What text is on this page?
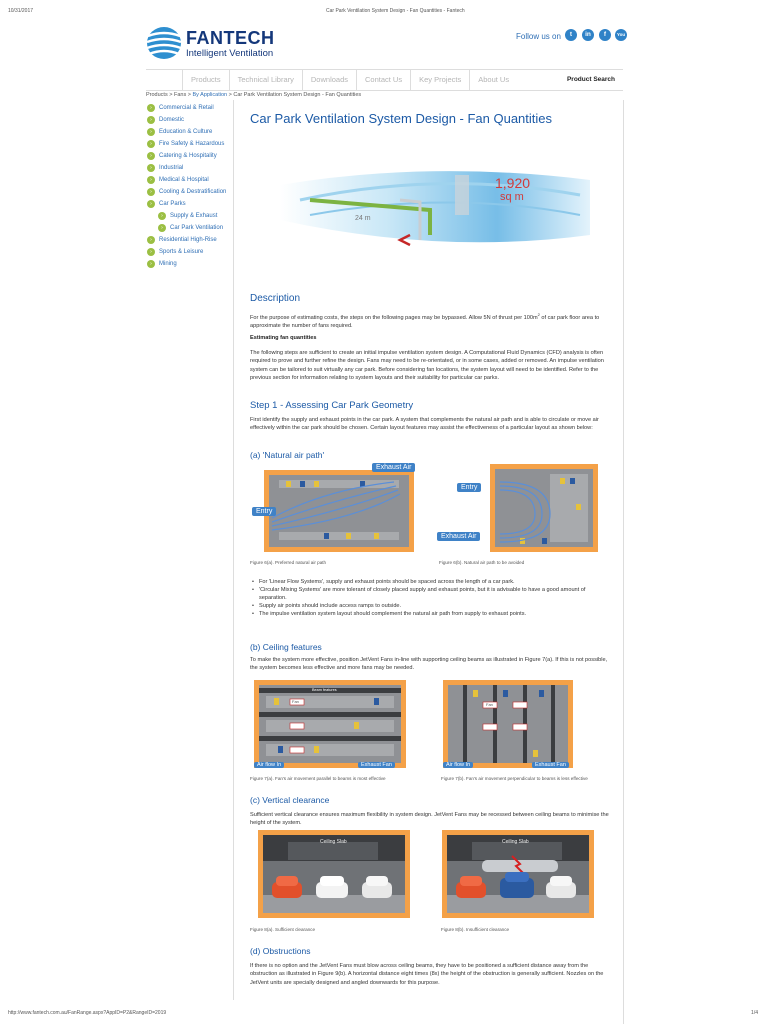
10/31/2017	Car Park Ventilation System Design - Fan Quantities - Fantech
FANTECH
Intelligent Ventilation
Follow us on	t	in	f	You
Products	Technical Library	Downloads	Contact Us	Key Projects	About Us	Product Search
Products > Fans > By Application > Car Park Ventilation System Design - Fan Quantities
›	Commercial & Retail
›	Domestic
›	Education & Culture
›	Fire Safety & Hazardous
›	Catering & Hospitality
›	Industrial
›	Medical & Hospital
›	Cooling & Destratification
›	Car Parks
›	Supply & Exhaust
›	Car Park Ventilation
›	Residential High-Rise
›	Sports & Leisure
›	Mining
Car Park Ventilation System Design - Fan Quantities
1,920
sq m
24 m
Description
For the purpose of estimating costs, the steps on the following pages may be bypassed. Allow 5N of thrust per $100m^2$ of car park floor area to approximate the number of fans required.
Estimating fan quantities
The following steps are sufficient to create an initial impulse ventilation system design. A Computational Fluid Dynamics (CFD) analysis is often required to prove and further refine the design. Fans may need to be re-orientated, or in some cases, added or removed. An impulse ventilation system can be tailored to suit virtually any car park. Before considering fan locations, the system layout will need to be identified. Refer to the previous section for information relating to system layouts and their suitability for particular car parks.
Step 1 - Assessing Car Park Geometry
First identify the supply and exhaust points in the car park. A system that complements the natural air path and is able to circulate or move air effectively within the car park should be chosen. Certain layout features may assist the effectiveness of a particular layout as shown below:
(a) 'Natural air path'
Exhaust Air
Entry
Figure 6(a). Preferred natural air path
Entry
Exhaust Air
Figure 6(b). Natural air path to be avoided
• For 'Linear Flow Systems', supply and exhaust points should be spaced across the length of a car park.
• 'Circular Mixing Systems' are more tolerant of closely placed supply and exhaust points, but it is advisable to have a good amount of separation.
• Supply air points should include access ramps to outside.
• The impulse ventilation system layout should complement the natural air path from supply to exhaust points.
(b) Ceiling features
To make the system more effective, position JetVent Fans in-line with supporting ceiling beams as illustrated in Figure 7(a). If this is not possible, the system becomes less effective and more fans may be needed.
Beam features
Fan
Air flow In	Exhaust Fan
Figure 7(a). Fan's air movement parallel to beams is most effective
Fan
Air flow In	Exhaust Fan
Figure 7(b). Fan's air movement perpendicular to beams is less effective
(c) Vertical clearance
Sufficient vertical clearance ensures maximum flexibility in system design. JetVent Fans may be recessed between ceiling beams to minimise the height of the system.
Ceiling Slab
Figure 8(a). Sufficient clearance
Ceiling Slab
Figure 8(b). Insufficient clearance
(d) Obstructions
If there is no option and the JetVent Fans must blow across ceiling beams, they have to be positioned a sufficient distance away from the obstruction as illustrated in Figure 9(b). A horizontal distance eight times (8x) the height of the obstruction is generally sufficient. Nozzles on the JetVent units are specially designed and angled downwards for this purpose.
http://www.fantech.com.au/FanRange.aspx?AppID=P2&RangeID=2019	1/4
